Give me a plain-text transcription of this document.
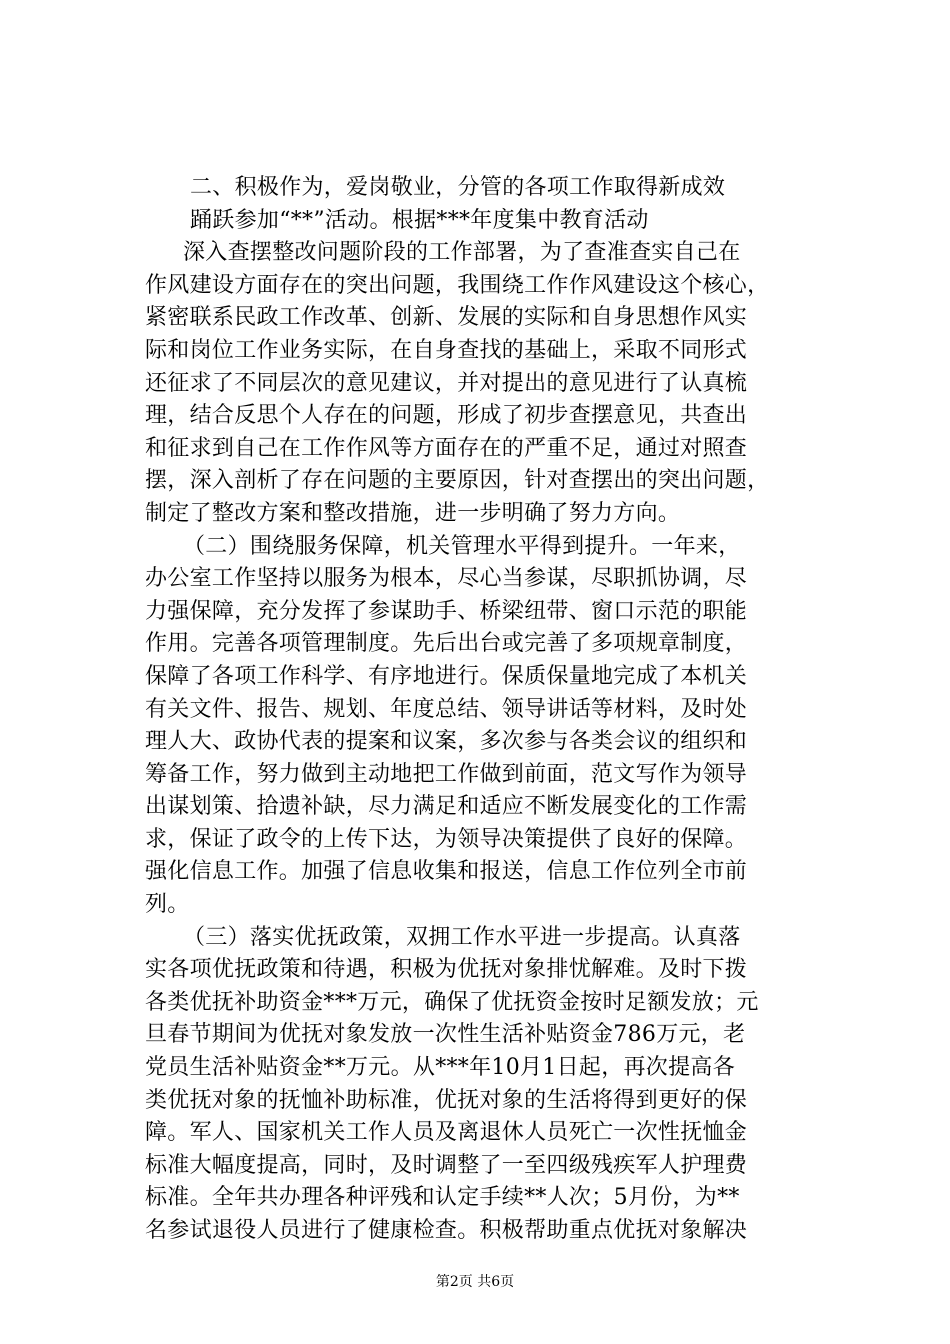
二、积极作为，爱岗敬业，分管的各项工作取得新成效
踊跃参加“**”活动。根据***年度集中教育活动
深入查摆整改问题阶段的工作部署，为了查准查实自己在
作风建设方面存在的突出问题，我围绕工作作风建设这个核心，
紧密联系民政工作改革、创新、发展的实际和自身思想作风实
际和岗位工作业务实际，在自身查找的基础上，采取不同形式
还征求了不同层次的意见建议，并对提出的意见进行了认真梳
理，结合反思个人存在的问题，形成了初步查摆意见，共查出
和征求到自己在工作作风等方面存在的严重不足，通过对照查
摆，深入剖析了存在问题的主要原因，针对查摆出的突出问题，
制定了整改方案和整改措施，进一步明确了努力方向。
（二）围绕服务保障，机关管理水平得到提升。一年来，
办公室工作坚持以服务为根本，尽心当参谋，尽职抓协调，尽
力强保障，充分发挥了参谋助手、桥梁纽带、窗口示范的职能
作用。完善各项管理制度。先后出台或完善了多项规章制度，
保障了各项工作科学、有序地进行。保质保量地完成了本机关
有关文件、报告、规划、年度总结、领导讲话等材料，及时处
理人大、政协代表的提案和议案，多次参与各类会议的组织和
筹备工作，努力做到主动地把工作做到前面，范文写作为领导
出谋划策、拾遗补缺，尽力满足和适应不断发展变化的工作需
求，保证了政令的上传下达，为领导决策提供了良好的保障。
强化信息工作。加强了信息收集和报送，信息工作位列全市前
列。
（三）落实优抚政策，双拥工作水平进一步提高。认真落
实各项优抚政策和待遇，积极为优抚对象排忧解难。及时下拨
各类优抚补助资金***万元，确保了优抚资金按时足额发放；元
旦春节期间为优抚对象发放一次性生活补贴资金786万元，老
党员生活补贴资金**万元。从***年10月1日起，再次提高各
类优抚对象的抚恤补助标准，优抚对象的生活将得到更好的保
障。军人、国家机关工作人员及离退休人员死亡一次性抚恤金
标准大幅度提高，同时，及时调整了一至四级残疾军人护理费
标准。全年共办理各种评残和认定手续**人次；5月份，为**
名参试退役人员进行了健康检查。积极帮助重点优抚对象解决
第2页 共6页
